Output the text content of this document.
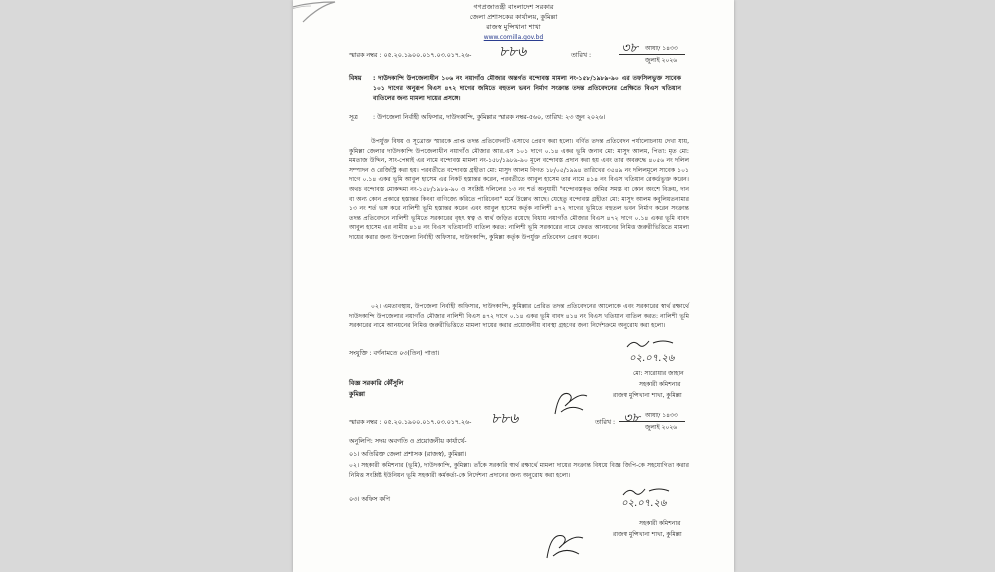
গণপ্রজাতন্ত্রী বাংলাদেশ সরকার
জেলা প্রশাসকের কার্যালয়, কুমিল্লা
রাজস্ব মুন্সিখানা শাখা
www.comilla.gov.bd
স্মারক নম্বর : ০৫.২০.১৯০০.০১৭.০৩.০১৭.২৬- ৮৮৬	তারিখ : ৩৮ আষাঢ় ১৪৩৩
জুলাই ২০২৬
বিষয় : দাউদকান্দি উপজেলাধীন ১০৬ নং নয়াগাঁও মৌজার অন্তর্গত বন্দোবস্ত মামলা নং-১৫৮/১৯৮৯-৯০ এর তফসিলভুক্ত সাবেক ১০১ দাগের অনুরূপ বিএস ৪৭২ দাগের জমিতে বহুতল ভবন নির্মাণ সংক্রান্ত তদন্ত প্রতিবেদনের প্রেক্ষিতে বিএস খতিয়ান বাতিলের জন্য মামলা দায়ের প্রসঙ্গে।
সূত্র : উপজেলা নির্বাহী অফিসার, দাউদকান্দি, কুমিল্লার স্মারক নম্বর-৫৬০, তারিখ: ২৩ জুন ২০২৬।
উপর্যুক্ত বিষয় ও সূত্রোক্ত স্মারকে প্রাপ্ত তদন্ত প্রতিবেদনটি এসাথে প্রেরণ করা হলো। বর্ণিত তদন্ত প্রতিবেদন পর্যালোচনায় দেখা যায়, কুমিল্লা জেলার দাউদকান্দি উপজেলাধীন নয়াগাঁও মৌজার আর.এস ১০১ দাগে ০.১৪ একর ভূমি জনাব মো: মাসুদ আলম, পিতা: মৃত মো: মমতাজ উদ্দিন, সাং-পেন্নাই এর নামে বন্দোবস্ত মামলা নং-১৫৮/১৯৮৯-৯০ মূলে বন্দোবস্ত প্রদান করা হয় এবং তার অবরুদ্ধে ৪০৫৬ নং দলিল সম্পাদন ও রেজিস্ট্রি করা হয়। পরবর্তীতে বন্দোবস্ত গ্রহীতা মো: মাসুদ আলম বিগত ১৮/০৫/১৯৯৪ তারিখের ৩৫৪৯ নং দলিলমূলে সাবেক ১০১ দাগে ০.১৪ একর ভূমি আবুল হাসেম এর নিকট হস্তান্তর করেন, পরবর্তীতে আবুল হাসেম তার নামে ৪১৪ নং বিএস খতিয়ান রেকর্ডভুক্ত করেন। অথচ বন্দোবস্ত মোকদ্দমা নং-১৫৮/১৯৮৯-৯০ ও সংশ্লিষ্ট দলিলের ১৩ নং শর্ত অনুযায়ী "বন্দোবস্তকৃত জমির সমস্ত বা কোন অংশে বিক্রয়, দান বা অন্য কোন প্রকারে হস্তান্তর কিংবা বাণিজ্যে করিতে পারিবেনা" মর্মে উল্লেখ আছে। যেহেতু বন্দোবস্ত গ্রহীতা মো: মাসুদ আলম কবুলিয়তনামার ১৩ নং শর্ত ভঙ্গ করে নালিশী ভূমি হস্তান্তর করেন এবং আবুল হাসেম কর্তৃক নালিশী ৪৭২ দাগের ভূমিতে বহুতল ভবন নির্মাণ করেন সংক্রান্ত তদন্ত প্রতিবেদনে নালিশী ভূমিতে সরকারের বৃহৎ স্বত্ব ও স্বার্থ জড়িত রয়েছে বিধায় নয়াগাঁও মৌজার বিএস ৪৭২ দাগে ০.১৪ একর ভূমি বাবদ আবুল হাসেম এর নামীয় ৪১৪ নং বিএস খতিয়ানটি বাতিল করত: নালিশী ভূমি সরকারের নামে ফেরত আনয়নের নিমিত্ত জরুরীভিত্তিতে মামলা দায়ের করার জন্য উপজেলা নির্বাহী অফিসার, দাউদকান্দি, কুমিল্লা কর্তৃক উপর্যুক্ত প্রতিবেদন প্রেরণ করেন।
০২। এমতাবস্থায়, উপজেলা নির্বাহী অফিসার, দাউদকান্দি, কুমিল্লার প্রেরিত তদন্ত প্রতিবেদনের আলোকে এবং সরকারের স্বার্থ রক্ষার্থে দাউদকান্দি উপজেলার নয়াগাঁও মৌজার নালিশী বিএস ৪৭২ দাগে ০.১৪ একর ভূমি বাবদ ৪১৪ নং বিএস খতিয়ান বাতিল করত: নালিশী ভূমি সরকারের নামে আনয়নের নিমিত্ত জরুরীভিত্তিতে মামলা দায়ের করার প্রয়োজনীয় ব্যবস্থা গ্রহণের জন্য নির্দেশক্রমে অনুরোধ করা হলো।
সংযুক্তি : বর্ণনামতে ০৩(তিন) পাতা।	০২.০৭.২৬
মো: সারোয়ার জাহান
সহকারী কমিশনার
রাজস্ব মুন্সিখানা শাখা, কুমিল্লা
বিজ্ঞ সরকারি কৌঁসুলি
কুমিল্লা
স্মারক নম্বর : ০৫.২০.১৯০০.০১৭.০৩.০১৭.২৬- ৮৮৬	তারিখ : ৩৮ আষাঢ় ১৪৩৩
জুলাই ২০২৬
অনুলিপি: সদয় অবগতি ও প্রয়োজনীয় কার্যার্থে-
০১। অতিরিক্ত জেলা প্রশাসক (রাজস্ব), কুমিল্লা।
০২। সহকারী কমিশনার (ভূমি), দাউদকান্দি, কুমিল্লা। তাঁকে সরকারি স্বার্থ রক্ষার্থে মামলা দায়ের সংক্রান্ত বিষয়ে বিজ্ঞ জিপি-কে সহযোগিতা করার নিমিত্ত সংশ্লিষ্ট ইউনিয়ন ভূমি সহকারী কর্মকর্তা-কে নির্দেশনা প্রদানের জন্য অনুরোধ করা হলো।
০৩। অফিস কপি	০২.০৭.২৬
সহকারী কমিশনার
রাজস্ব মুন্সিখানা শাখা, কুমিল্লা
